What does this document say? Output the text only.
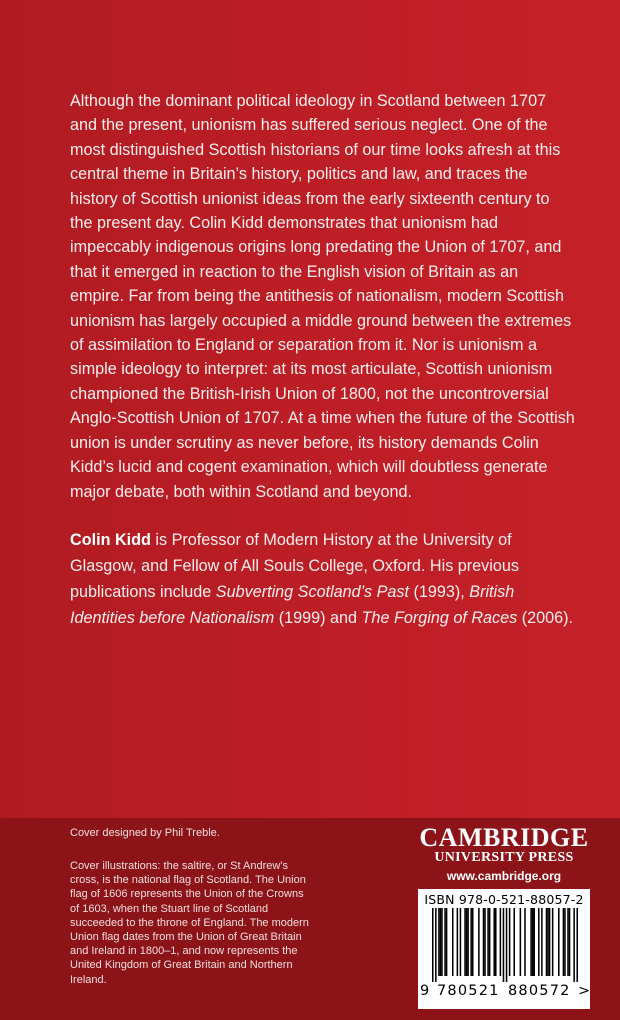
Although the dominant political ideology in Scotland between 1707 and the present, unionism has suffered serious neglect. One of the most distinguished Scottish historians of our time looks afresh at this central theme in Britain’s history, politics and law, and traces the history of Scottish unionist ideas from the early sixteenth century to the present day. Colin Kidd demonstrates that unionism had impeccably indigenous origins long predating the Union of 1707, and that it emerged in reaction to the English vision of Britain as an empire. Far from being the antithesis of nationalism, modern Scottish unionism has largely occupied a middle ground between the extremes of assimilation to England or separation from it. Nor is unionism a simple ideology to interpret: at its most articulate, Scottish unionism championed the British-Irish Union of 1800, not the uncontroversial Anglo-Scottish Union of 1707. At a time when the future of the Scottish union is under scrutiny as never before, its history demands Colin Kidd’s lucid and cogent examination, which will doubtless generate major debate, both within Scotland and beyond.

Colin Kidd is Professor of Modern History at the University of Glasgow, and Fellow of All Souls College, Oxford. His previous publications include Subverting Scotland’s Past (1993), British Identities before Nationalism (1999) and The Forging of Races (2006).

Cover designed by Phil Treble.

Cover illustrations: the saltire, or St Andrew’s cross, is the national flag of Scotland. The Union flag of 1606 represents the Union of the Crowns of 1603, when the Stuart line of Scotland succeeded to the throne of England. The modern Union flag dates from the Union of Great Britain and Ireland in 1800–1, and now represents the United Kingdom of Great Britain and Northern Ireland.

CAMBRIDGE
UNIVERSITY PRESS
www.cambridge.org
ISBN 978-0-521-88057-2
9 780521 880572 >
